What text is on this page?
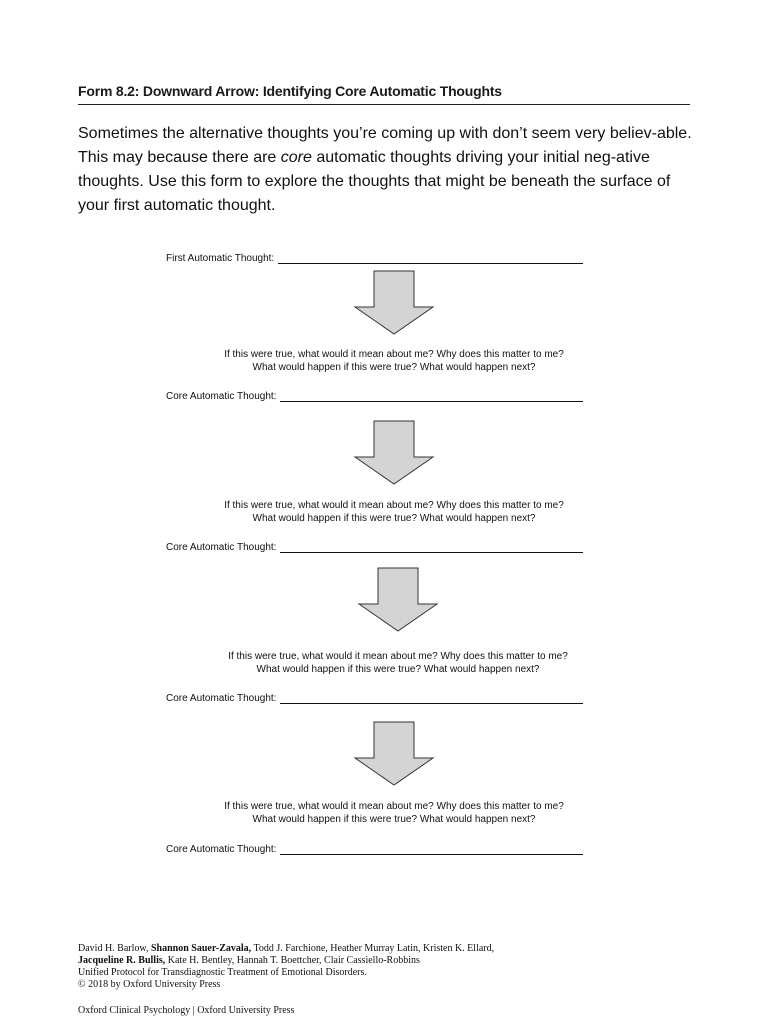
Form 8.2: Downward Arrow: Identifying Core Automatic Thoughts
Sometimes the alternative thoughts you’re coming up with don’t seem very believ-able. This may because there are core automatic thoughts driving your initial neg-ative thoughts. Use this form to explore the thoughts that might be beneath the surface of your first automatic thought.
First Automatic Thought:
If this were true, what would it mean about me? Why does this matter to me?
What would happen if this were true? What would happen next?
Core Automatic Thought:
If this were true, what would it mean about me? Why does this matter to me?
What would happen if this were true? What would happen next?
Core Automatic Thought:
If this were true, what would it mean about me? Why does this matter to me?
What would happen if this were true? What would happen next?
Core Automatic Thought:
If this were true, what would it mean about me? Why does this matter to me?
What would happen if this were true? What would happen next?
Core Automatic Thought:
David H. Barlow, Shannon Sauer-Zavala, Todd J. Farchione, Heather Murray Latin, Kristen K. Ellard,
Jacqueline R. Bullis, Kate H. Bentley, Hannah T. Boettcher, Clair Cassiello-Robbins
Unified Protocol for Transdiagnostic Treatment of Emotional Disorders.
© 2018 by Oxford University Press
Oxford Clinical Psychology | Oxford University Press
